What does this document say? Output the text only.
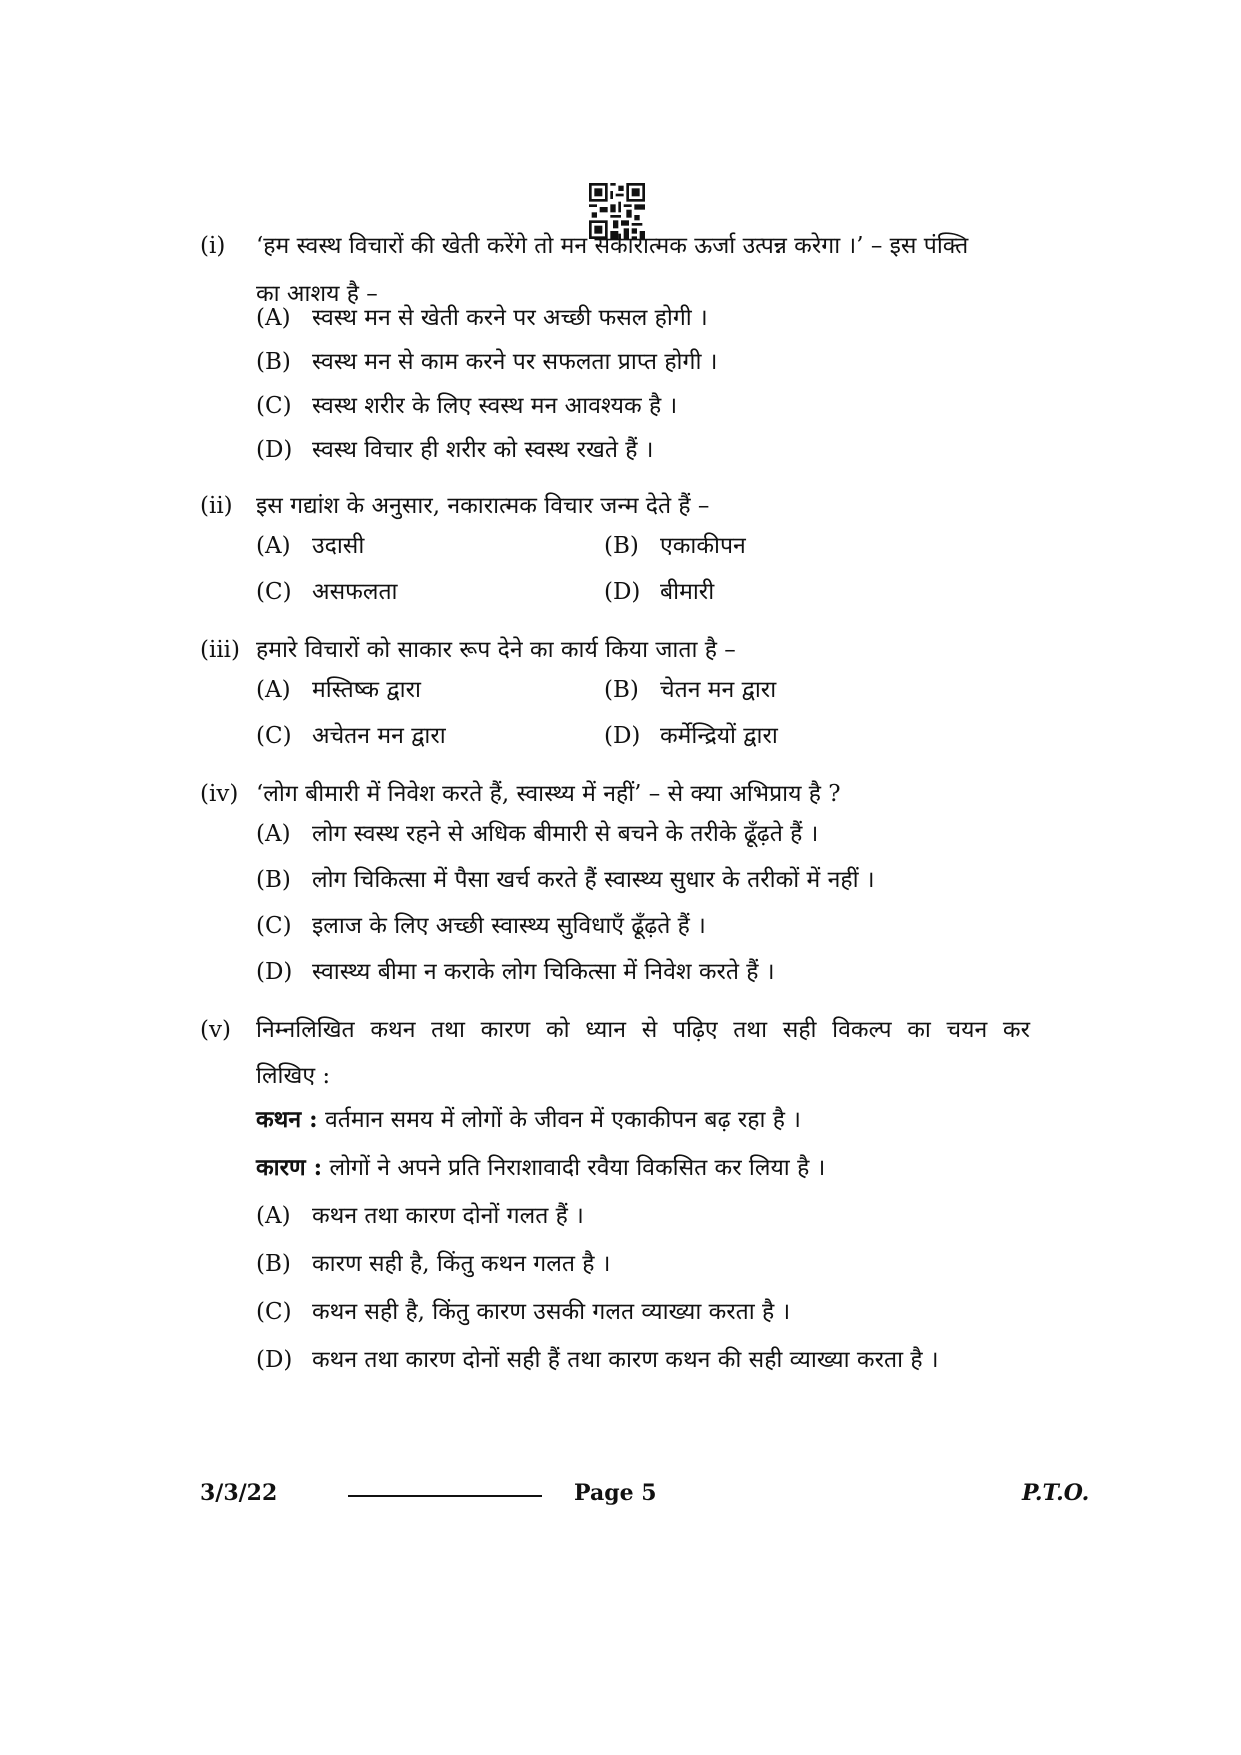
(i) ‘हम स्वस्थ विचारों की खेती करेंगे तो मन सकारात्मक ऊर्जा उत्पन्न करेगा ।’ – इस पंक्ति
का आशय है –
(A) स्वस्थ मन से खेती करने पर अच्छी फसल होगी ।
(B) स्वस्थ मन से काम करने पर सफलता प्राप्त होगी ।
(C) स्वस्थ शरीर के लिए स्वस्थ मन आवश्यक है ।
(D) स्वस्थ विचार ही शरीर को स्वस्थ रखते हैं ।
(ii) इस गद्यांश के अनुसार, नकारात्मक विचार जन्म देते हैं –
(A) उदासी	(B) एकाकीपन
(C) असफलता	(D) बीमारी
(iii) हमारे विचारों को साकार रूप देने का कार्य किया जाता है –
(A) मस्तिष्क द्वारा	(B) चेतन मन द्वारा
(C) अचेतन मन द्वारा	(D) कर्मेन्द्रियों द्वारा
(iv) ‘लोग बीमारी में निवेश करते हैं, स्वास्थ्य में नहीं’ – से क्या अभिप्राय है ?
(A) लोग स्वस्थ रहने से अधिक बीमारी से बचने के तरीके ढूँढ़ते हैं ।
(B) लोग चिकित्सा में पैसा खर्च करते हैं स्वास्थ्य सुधार के तरीकों में नहीं ।
(C) इलाज के लिए अच्छी स्वास्थ्य सुविधाएँ ढूँढ़ते हैं ।
(D) स्वास्थ्य बीमा न कराके लोग चिकित्सा में निवेश करते हैं ।
(v) निम्नलिखित कथन तथा कारण को ध्यान से पढ़िए तथा सही विकल्प का चयन कर
लिखिए :
कथन : वर्तमान समय में लोगों के जीवन में एकाकीपन बढ़ रहा है ।
कारण : लोगों ने अपने प्रति निराशावादी रवैया विकसित कर लिया है ।
(A) कथन तथा कारण दोनों गलत हैं ।
(B) कारण सही है, किंतु कथन गलत है ।
(C) कथन सही है, किंतु कारण उसकी गलत व्याख्या करता है ।
(D) कथन तथा कारण दोनों सही हैं तथा कारण कथन की सही व्याख्या करता है ।
3/3/22	Page 5	P.T.O.
